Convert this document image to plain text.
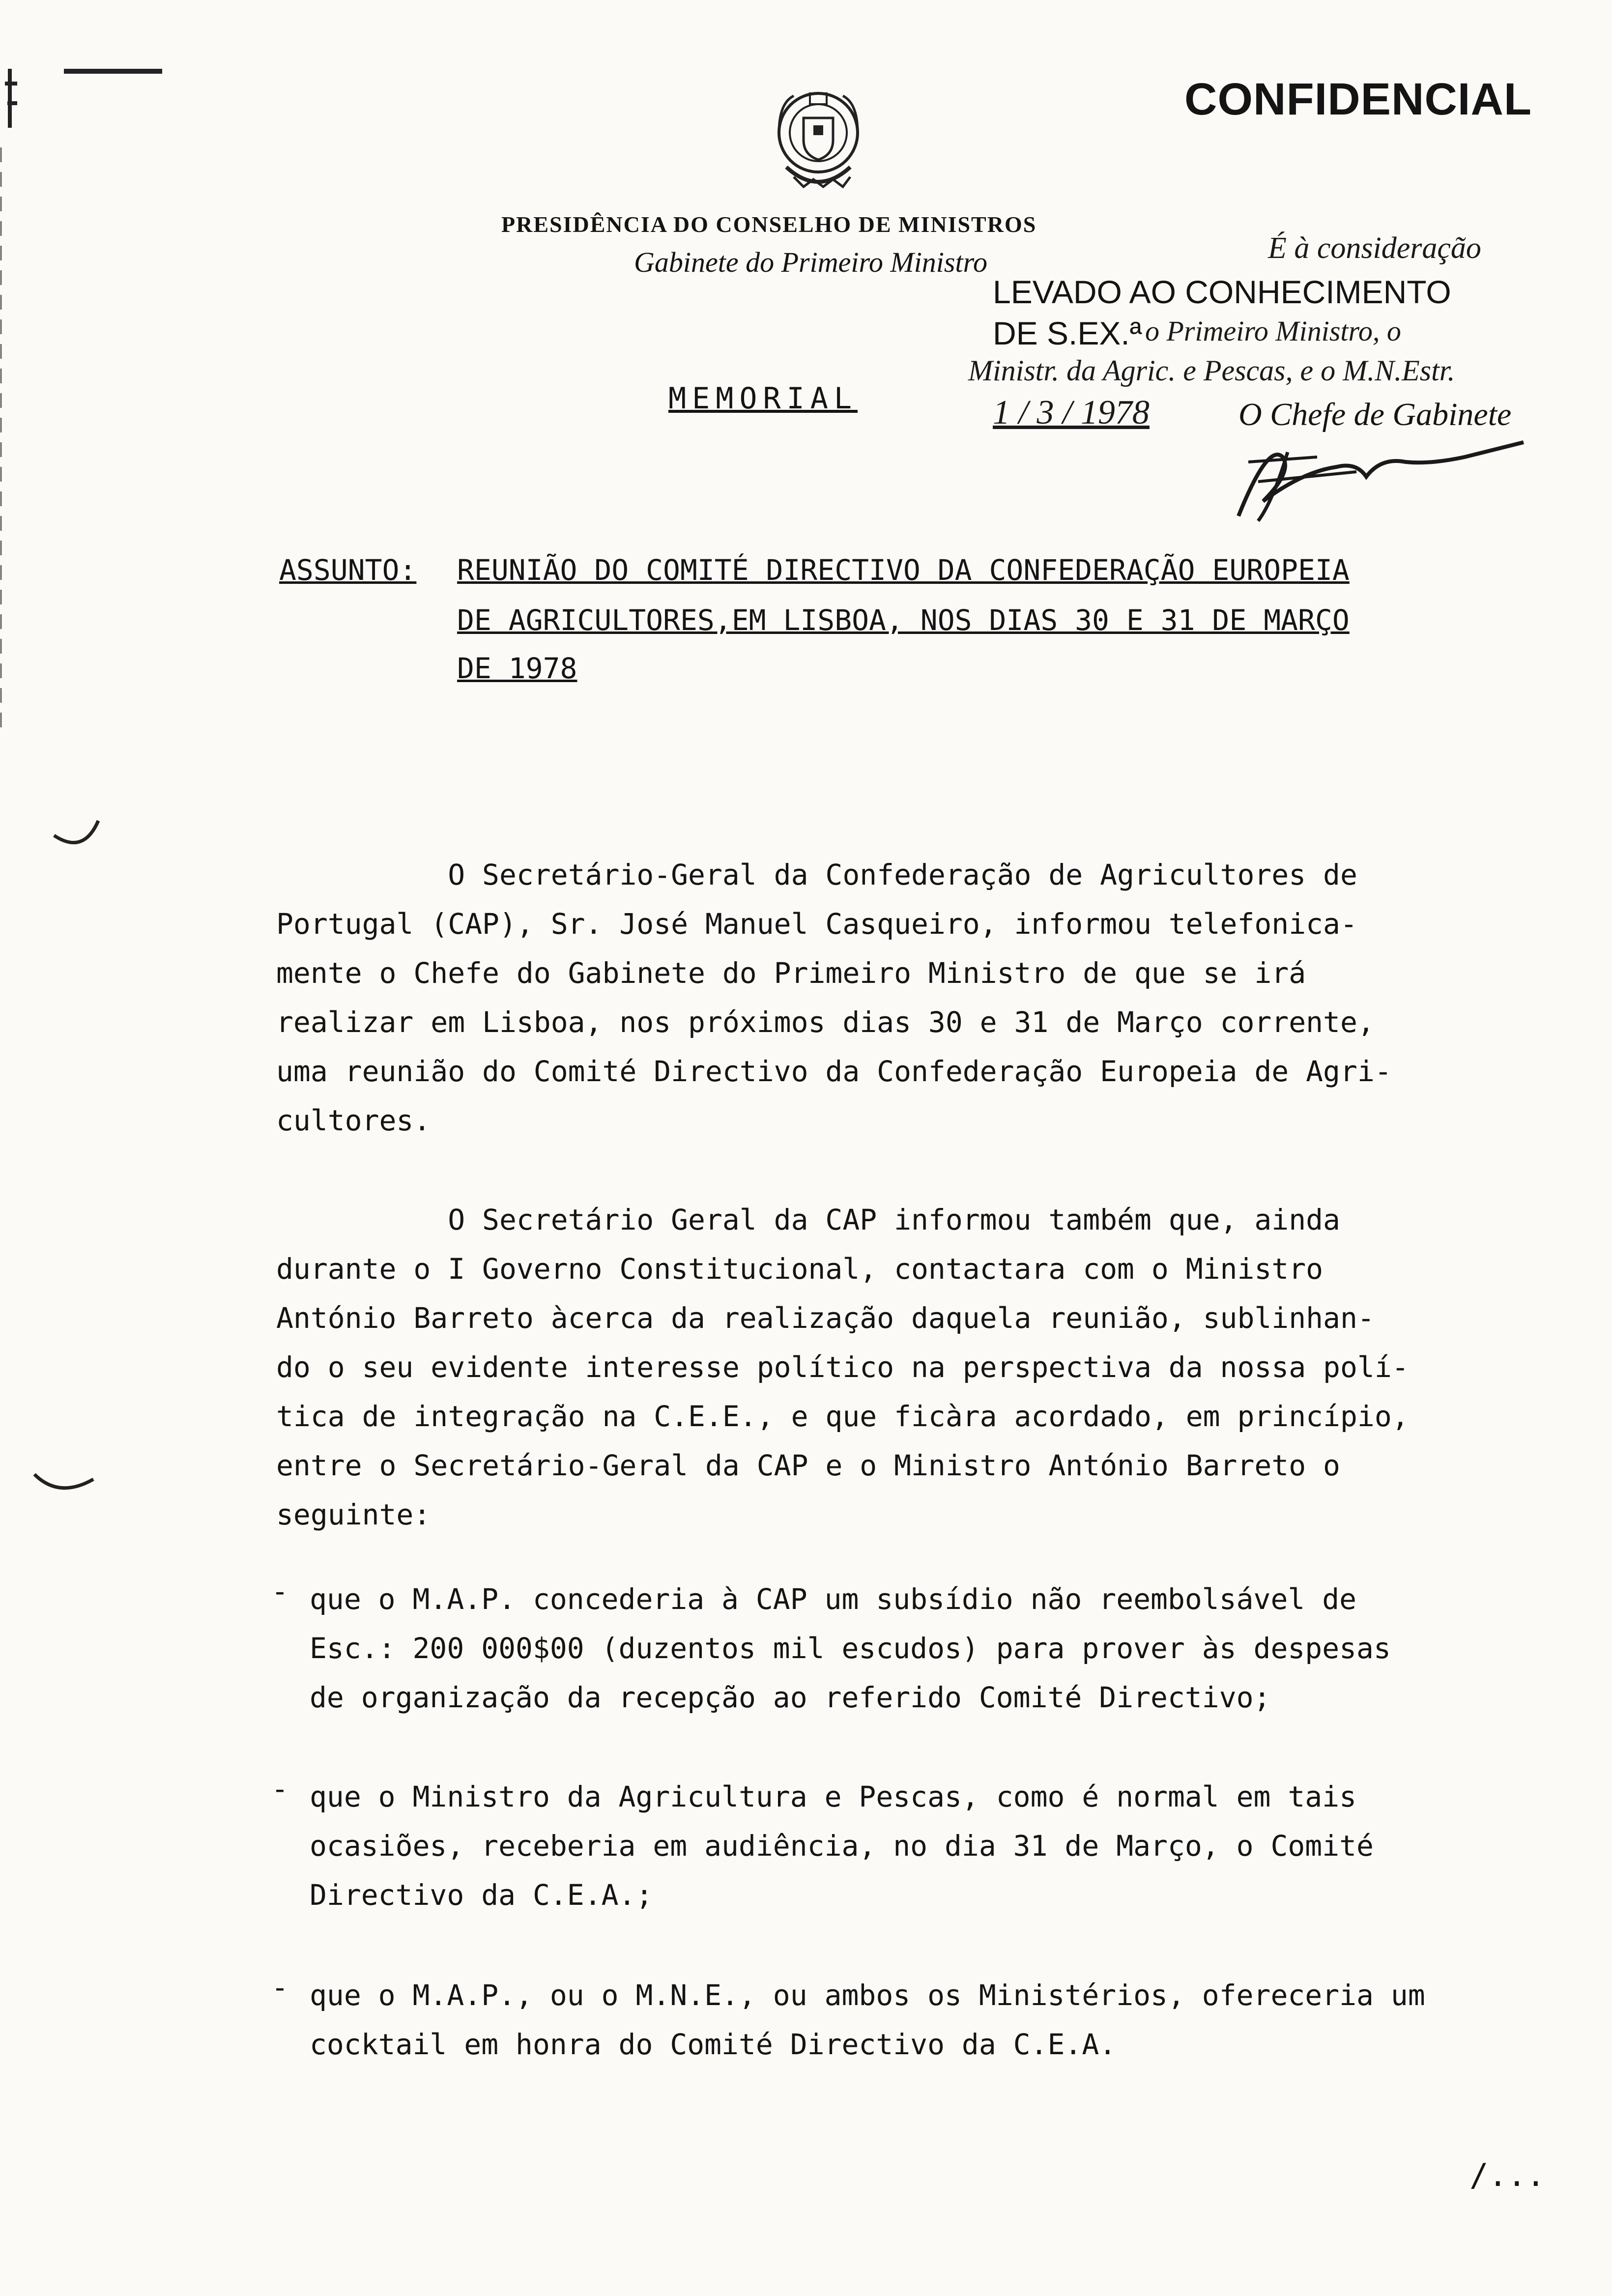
CONFIDENCIAL
PRESIDÊNCIA DO CONSELHO DE MINISTROS
Gabinete do Primeiro Ministro	É à consideração
LEVADO AO CONHECIMENTO
DE S.EX.ª o Primeiro Ministro, o
Ministr. da Agric. e Pescas, e o M.N.Estr.
1 / 3 / 1978	O Chefe de Gabinete
MEMORIAL
ASSUNTO: REUNIÃO DO COMITÉ DIRECTIVO DA CONFEDERAÇÃO EUROPEIA
DE AGRICULTORES,EM LISBOA, NOS DIAS 30 E 31 DE MARÇO
DE 1978
O Secretário-Geral da Confederação de Agricultores de
Portugal (CAP), Sr. José Manuel Casqueiro, informou telefonica-
mente o Chefe do Gabinete do Primeiro Ministro de que se irá
realizar em Lisboa, nos próximos dias 30 e 31 de Março corrente,
uma reunião do Comité Directivo da Confederação Europeia de Agri-
cultores.
O Secretário Geral da CAP informou também que, ainda
durante o I Governo Constitucional, contactara com o Ministro
António Barreto àcerca da realização daquela reunião, sublinhan-
do o seu evidente interesse político na perspectiva da nossa polí-
tica de integração na C.E.E., e que ficàra acordado, em princípio,
entre o Secretário-Geral da CAP e o Ministro António Barreto o
seguinte:
- que o M.A.P. concederia à CAP um subsídio não reembolsável de
Esc.: 200 000$00 (duzentos mil escudos) para prover às despesas
de organização da recepção ao referido Comité Directivo;
- que o Ministro da Agricultura e Pescas, como é normal em tais
ocasiões, receberia em audiência, no dia 31 de Março, o Comité
Directivo da C.E.A.;
- que o M.A.P., ou o M.N.E., ou ambos os Ministérios, ofereceria um
cocktail em honra do Comité Directivo da C.E.A.
/...
